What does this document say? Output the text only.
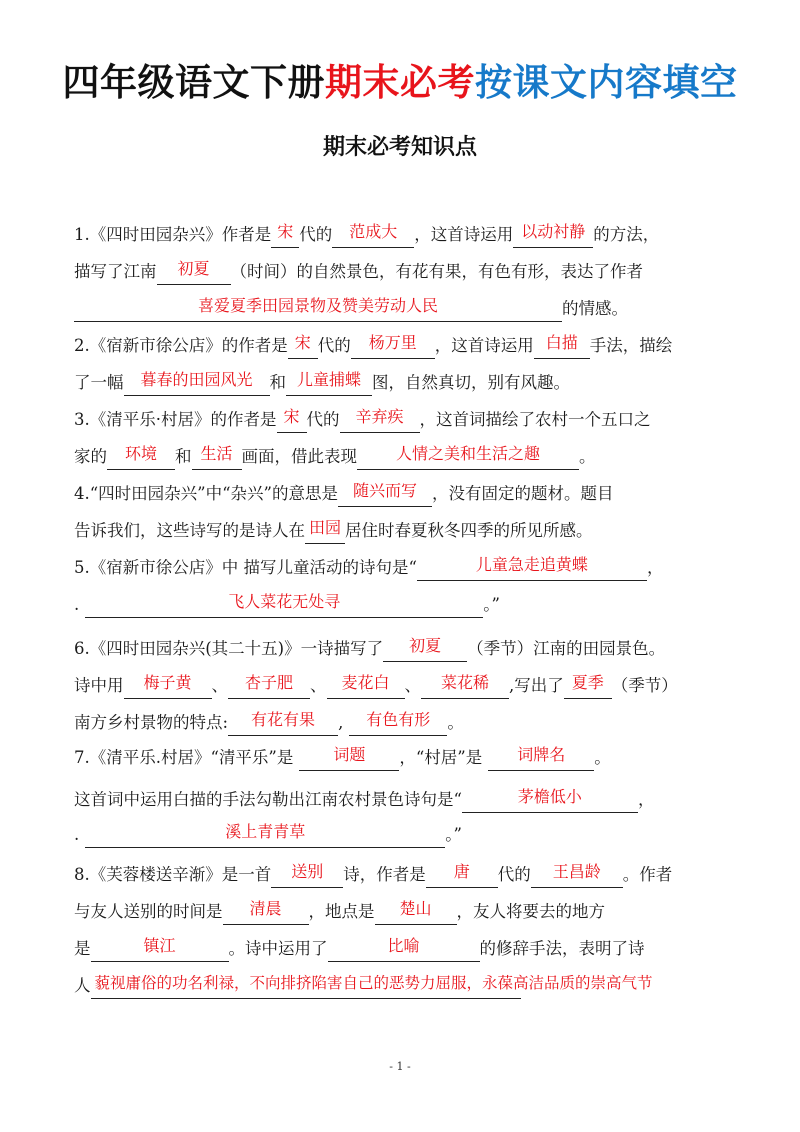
四年级语文下册期末必考按课文内容填空
期末必考知识点
1.《四时田园杂兴》作者是 宋 代的	范成大	，这首诗运用 以动衬静 的方法，
描写了江南	初夏	（时间）的自然景色，有花有果，有色有形，表达了作者
喜爱夏季田园景物及赞美劳动人民	的情感。
2.《宿新市徐公店》的作者是 宋 代的	杨万里	，这首诗运用 白描 手法，描绘
了一幅	暮春的田园风光	和 儿童捕蝶 图，自然真切，别有风趣。
3.《清平乐·村居》的作者是 宋 代的 辛弃疾 ，这首词描绘了农村一个五口之
家的	环境	和 生活 画面，借此表现	人情之美和生活之趣	。
4.“四时田园杂兴”中“杂兴”的意思是 随兴而写 ，没有固定的题材。题目
告诉我们，这些诗写的是诗人在 田园 居住时春夏秋冬四季的所见所感。
5.《宿新市徐公店》中 描写儿童活动的诗句是“	儿童急走追黄蝶	，
.	飞人菜花无处寻	。”
6.《四时田园杂兴(其二十五)》一诗描写了	初夏	（季节）江南的田园景色。
诗中用	梅子黄	、	杏子肥	、 麦花白 、	菜花稀	,写出了 夏季 （季节）
南方乡村景物的特点:	有花有果	,	有色有形	。
7.《清平乐.村居》“清平乐”是	词题	，“村居”是	词牌名	。
这首词中运用白描的手法勾勒出江南农村景色诗句是“	茅檐低小	，
.	溪上青青草	。”
8.《芙蓉楼送辛渐》是一首	送别	诗，作者是	唐	代的	王昌龄	。作者
与友人送别的时间是	清晨	，地点是	楚山	，友人将要去的地方
是	镇江	。诗中运用了	比喻	的修辞手法，表明了诗
人 藐视庸俗的功名利禄，不向排挤陷害自己的恶势力屈服，永葆高洁品质的崇高气节
- 1 -
